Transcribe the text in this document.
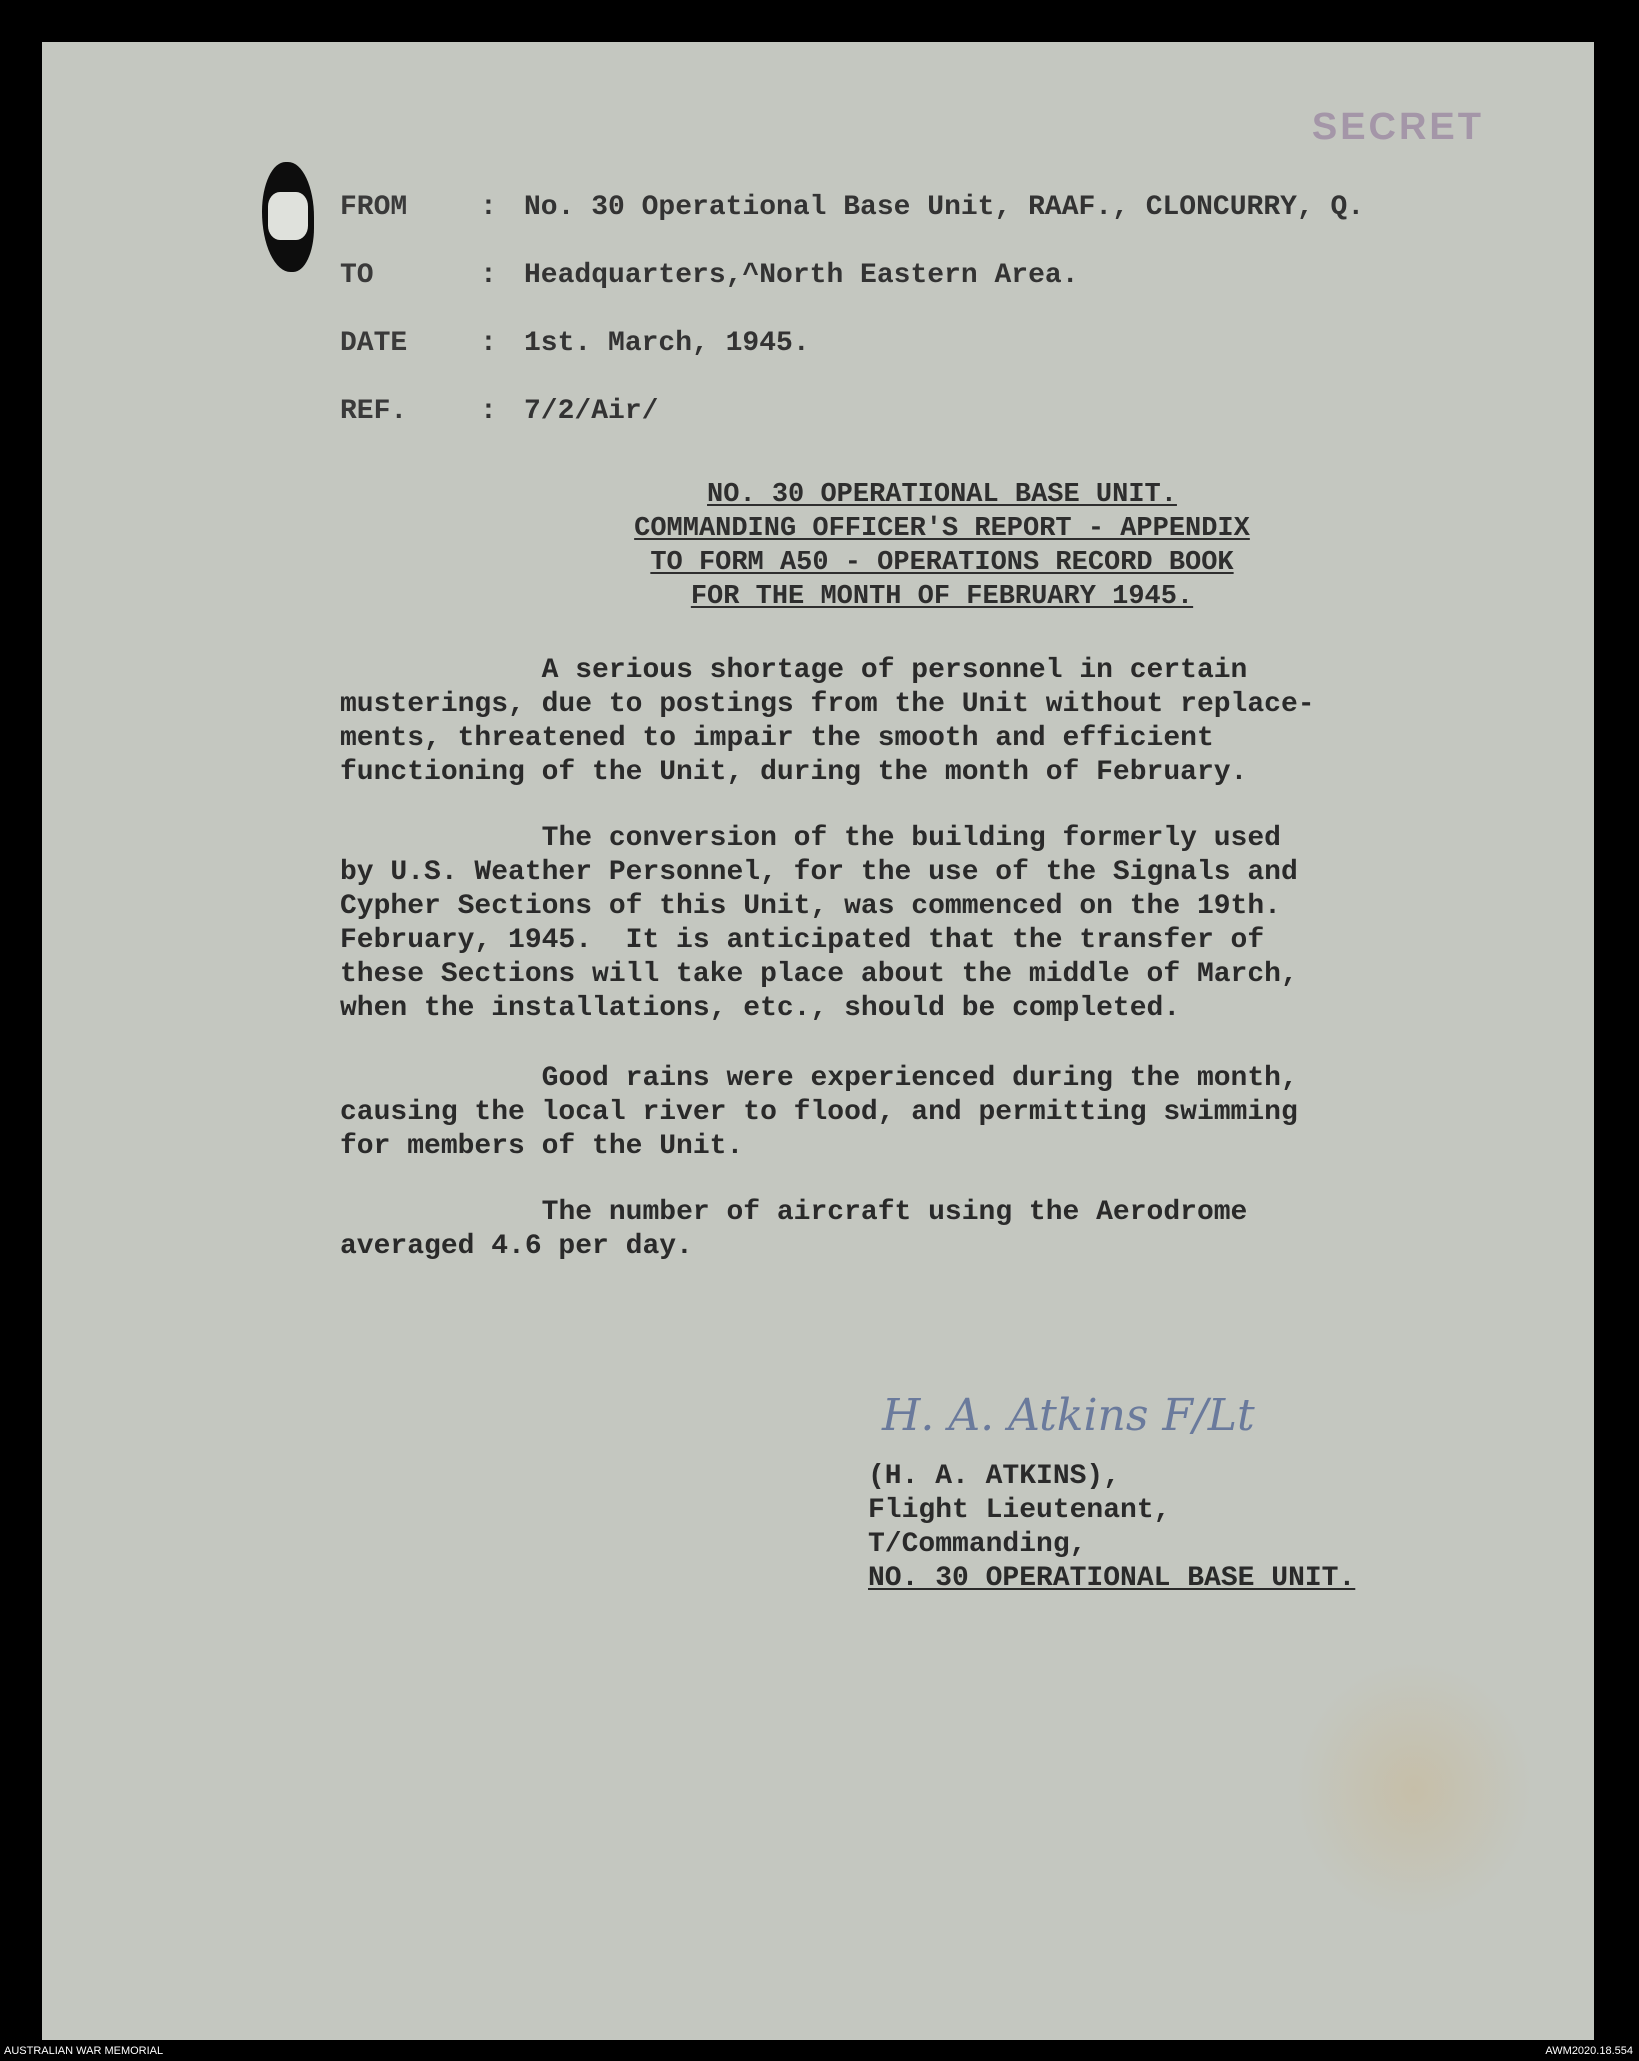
SECRET
FROM	: No. 30 Operational Base Unit, RAAF., CLONCURRY, Q.
TO	: Headquarters,^North Eastern Area.
DATE	: 1st. March, 1945.
REF.	: 7/2/Air/
NO. 30 OPERATIONAL BASE UNIT.
COMMANDING OFFICER'S REPORT - APPENDIX
TO FORM A50 - OPERATIONS RECORD BOOK
FOR THE MONTH OF FEBRUARY 1945.
A serious shortage of personnel in certain
musterings, due to postings from the Unit without replace-
ments, threatened to impair the smooth and efficient
functioning of the Unit, during the month of February.
The conversion of the building formerly used
by U.S. Weather Personnel, for the use of the Signals and
Cypher Sections of this Unit, was commenced on the 19th.
February, 1945.  It is anticipated that the transfer of
these Sections will take place about the middle of March,
when the installations, etc., should be completed.
Good rains were experienced during the month,
causing the local river to flood, and permitting swimming
for members of the Unit.
The number of aircraft using the Aerodrome
averaged 4.6 per day.
H. A. Atkins F/Lt
(H. A. ATKINS),
Flight Lieutenant,
T/Commanding,
NO. 30 OPERATIONAL BASE UNIT.
AUSTRALIAN WAR MEMORIAL	AWM2020.18.554
